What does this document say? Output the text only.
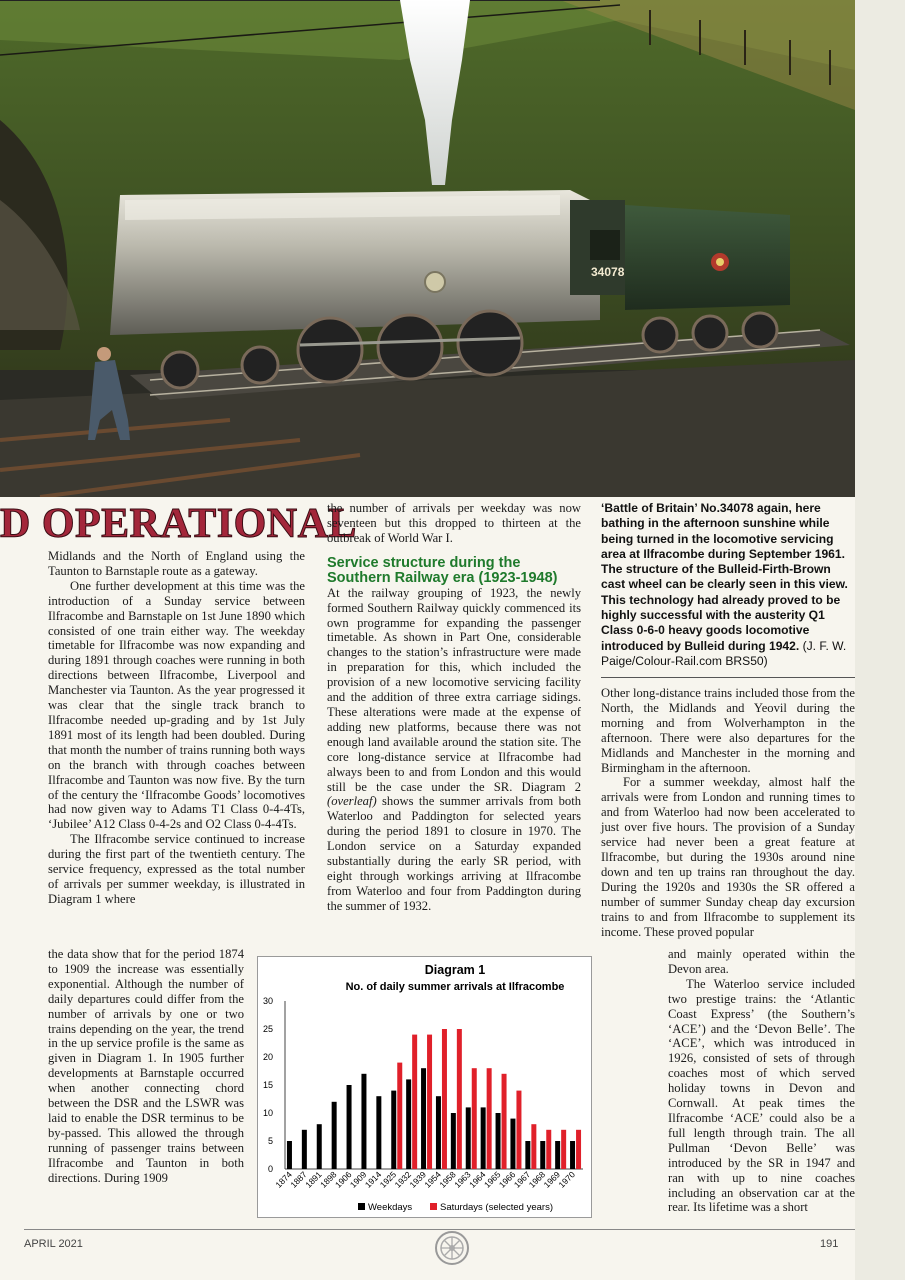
34078
D OPERATIONAL

Midlands and the North of England using the Taunton to Barnstaple route as a gateway.

One further development at this time was the introduction of a Sunday service between Ilfracombe and Barnstaple on 1st June 1890 which consisted of one train either way. The weekday timetable for Ilfracombe was now expanding and during 1891 through coaches were running in both directions between Ilfracombe, Liverpool and Manchester via Taunton. As the year progressed it was clear that the single track branch to Ilfracombe needed up-grading and by 1st July 1891 most of its length had been doubled. During that month the number of trains running both ways on the branch with through coaches between Ilfracombe and Taunton was now five. By the turn of the century the ‘Ilfracombe Goods’ locomotives had now given way to Adams T1 Class 0-4-4Ts, ‘Jubilee’ A12 Class 0-4-2s and O2 Class 0-4-4Ts.

The Ilfracombe service continued to increase during the first part of the twentieth century. The service frequency, expressed as the total number of arrivals per summer weekday, is illustrated in Diagram 1 where

the data show that for the period 1874 to 1909 the increase was essentially exponential. Although the number of daily departures could differ from the number of arrivals by one or two trains depending on the year, the trend in the up service profile is the same as given in Diagram 1. In 1905 further developments at Barnstaple occurred when another connecting chord between the DSR and the LSWR was laid to enable the DSR terminus to be by-passed. This allowed the through running of passenger trains between Ilfracombe and Taunton in both directions. During 1909

the number of arrivals per weekday was now seventeen but this dropped to thirteen at the outbreak of World War I.

Service structure during the Southern Railway era (1923-1948)

At the railway grouping of 1923, the newly formed Southern Railway quickly commenced its own programme for expanding the passenger timetable. As shown in Part One, considerable changes to the station’s infrastructure were made in preparation for this, which included the provision of a new locomotive servicing facility and the addition of three extra carriage sidings. These alterations were made at the expense of adding new platforms, because there was not enough land available around the station site. The core long-distance service at Ilfracombe had always been to and from London and this would still be the case under the SR. Diagram 2 (overleaf) shows the summer arrivals from both Waterloo and Paddington for selected years during the period 1891 to closure in 1970. The London service on a Saturday expanded substantially during the early SR period, with eight through workings arriving at Ilfracombe from Waterloo and four from Paddington during the summer of 1932.

‘Battle of Britain’ No.34078 again, here bathing in the afternoon sunshine while being turned in the locomotive servicing area at Ilfracombe during September 1961. The structure of the Bulleid-Firth-Brown cast wheel can be clearly seen in this view. This technology had already proved to be highly successful with the austerity Q1 Class 0-6-0 heavy goods locomotive introduced by Bulleid during 1942. (J. F. W. Paige/Colour-Rail.com BRS50)

Other long-distance trains included those from the North, the Midlands and Yeovil during the morning and from Wolverhampton in the afternoon. There were also departures for the Midlands and Manchester in the morning and Birmingham in the afternoon.

For a summer weekday, almost half the arrivals were from London and running times to and from Waterloo had now been accelerated to just over five hours. The provision of a Sunday service had never been a great feature at Ilfracombe, but during the 1930s around nine down and ten up trains ran throughout the day. During the 1920s and 1930s the SR offered a number of summer Sunday cheap day excursion trains to and from Ilfracombe to supplement its income. These proved popular

and mainly operated within the Devon area.

The Waterloo service included two prestige trains: the ‘Atlantic Coast Express’ (the Southern’s ‘ACE’) and the ‘Devon Belle’. The ‘ACE’, which was introduced in 1926, consisted of sets of through coaches most of which served holiday towns in Devon and Cornwall. At peak times the Ilfracombe ‘ACE’ could also be a full length through train. The all Pullman ‘Devon Belle’ was introduced by the SR in 1947 and ran with up to nine coaches including an observation car at the rear. Its lifetime was a short

Diagram 1
No. of daily summer arrivals at Ilfracombe
0
5
10
15
20
25
30
1874
1887
1891
1898
1906
1909
1914
1925
1932
1939
1954
1958
1963
1964
1965
1966
1967
1968
1969
1970
Weekdays	Saturdays (selected years)
APRIL 2021	191
